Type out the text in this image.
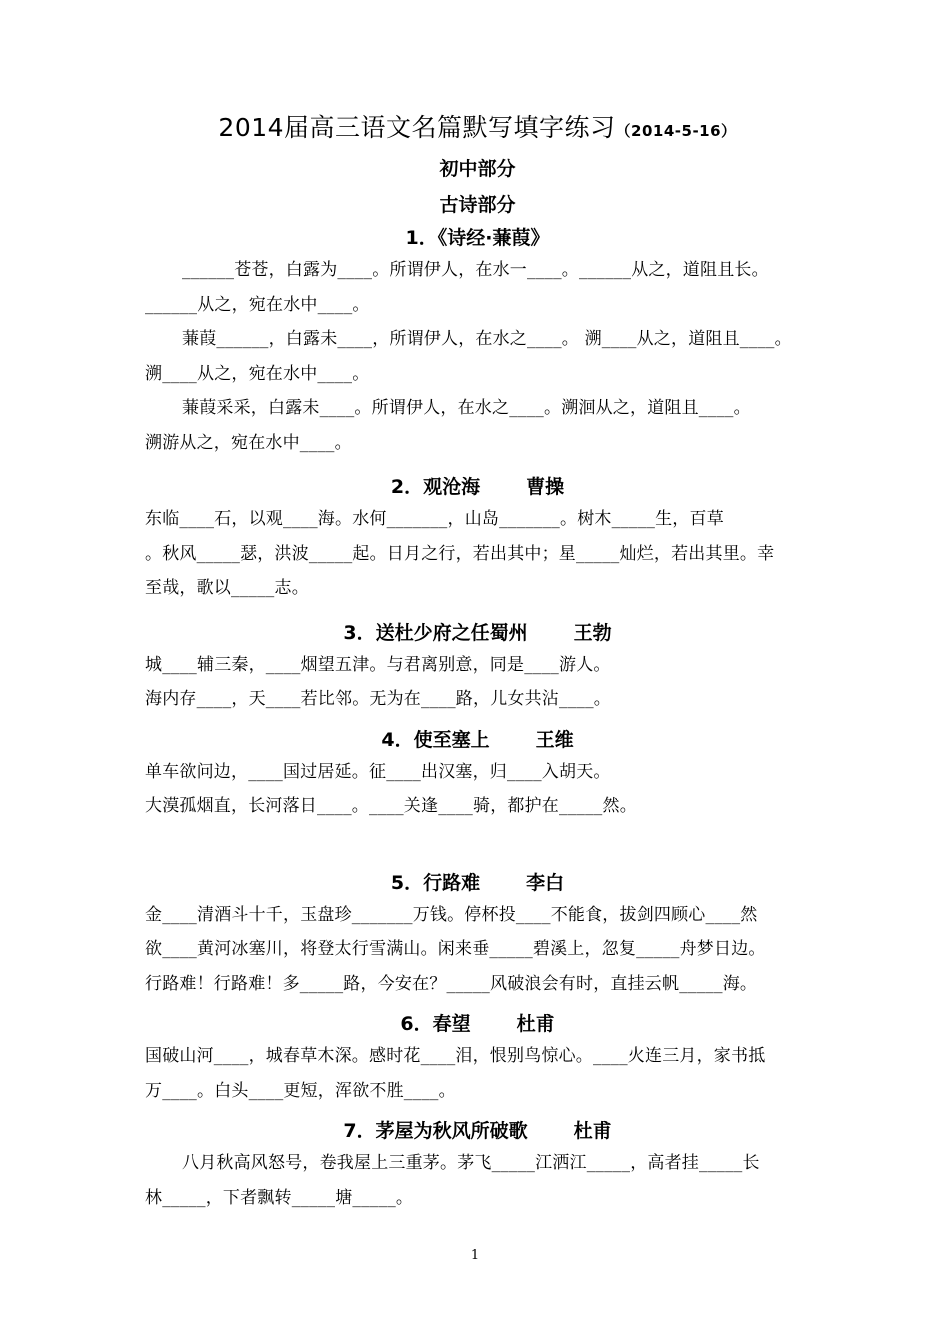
2014届高三语文名篇默写填字练习（2014-5-16）

初中部分

古诗部分

1．《诗经·蒹葭》

______苍苍，白露为____。所谓伊人，在水一____。______从之，道阻且长。

______从之，宛在水中____。

蒹葭______，白露未____，所谓伊人，在水之____。 溯____从之，道阻且____。

溯____从之，宛在水中____。

蒹葭采采，白露未____。所谓伊人，在水之____。溯洄从之，道阻且____。

溯游从之，宛在水中____。

2．观沧海 曹操

东临____石，以观____海。水何_______，山岛_______。树木_____生，百草

。秋风_____瑟，洪波_____起。日月之行，若出其中；星_____灿烂，若出其里。幸

至哉，歌以_____志。

3．送杜少府之任蜀州 王勃

城____辅三秦，____烟望五津。与君离别意，同是____游人。

海内存____，天____若比邻。无为在____路，儿女共沾____。

4．使至塞上 王维

单车欲问边，____国过居延。征____出汉塞，归____入胡天。

大漠孤烟直，长河落日____。____关逢____骑，都护在_____然。

5．行路难 李白

金____清酒斗十千，玉盘珍_______万钱。停杯投____不能食，拔剑四顾心____然

欲____黄河冰塞川，将登太行雪满山。闲来垂_____碧溪上，忽复_____舟梦日边。

行路难！行路难！多_____路，今安在？_____风破浪会有时，直挂云帆_____海。

6．春望 杜甫

国破山河____，城春草木深。感时花____泪，恨别鸟惊心。____火连三月，家书抵

万____。白头____更短，浑欲不胜____。

7．茅屋为秋风所破歌 杜甫

八月秋高风怒号，卷我屋上三重茅。茅飞_____江洒江_____，高者挂_____长

林_____，下者飘转_____塘_____。

1
